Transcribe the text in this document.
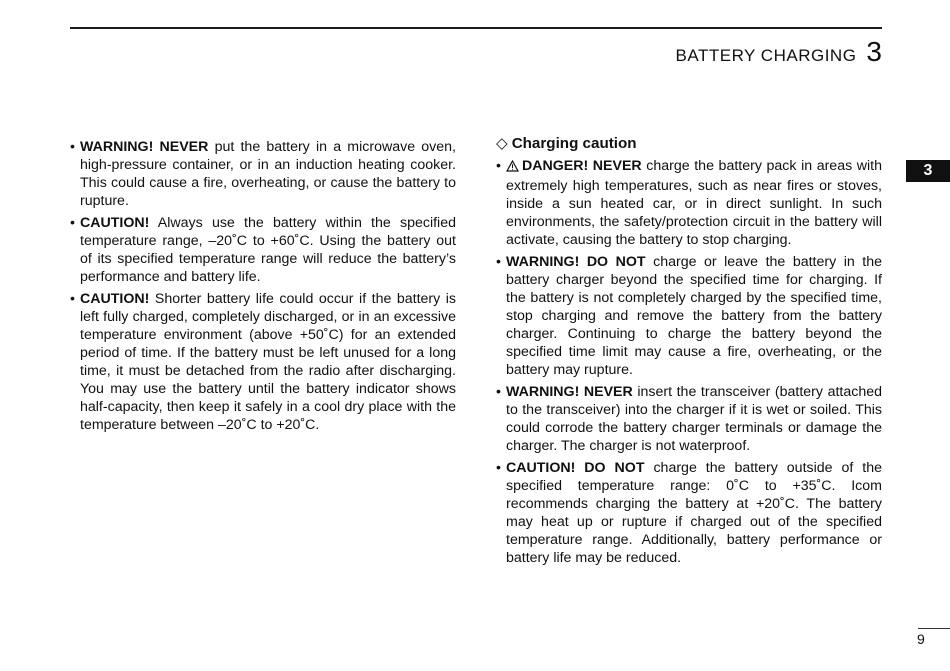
BATTERY CHARGING 3
3

• WARNING! NEVER put the battery in a microwave oven, high-pressure container, or in an induction heating cooker. This could cause a fire, overheating, or cause the battery to rupture.

• CAUTION! Always use the battery within the specified temperature range, –20˚C to +60˚C. Using the battery out of its specified temperature range will reduce the battery’s performance and battery life.

• CAUTION! Shorter battery life could occur if the battery is left fully charged, completely discharged, or in an excessive temperature environment (above +50˚C) for an extended period of time. If the battery must be left unused for a long time, it must be detached from the radio after discharging. You may use the battery until the battery indicator shows half-capacity, then keep it safely in a cool dry place with the temperature between –20˚C to +20˚C.

◇ Charging caution

• DANGER! NEVER charge the battery pack in areas with extremely high temperatures, such as near fires or stoves, inside a sun heated car, or in direct sunlight. In such environments, the safety/protection circuit in the battery will activate, causing the battery to stop charging.

• WARNING! DO NOT charge or leave the battery in the battery charger beyond the specified time for charging. If the battery is not completely charged by the specified time, stop charging and remove the battery from the battery charger. Continuing to charge the battery beyond the specified time limit may cause a fire, overheating, or the battery may rupture.

• WARNING! NEVER insert the transceiver (battery attached to the transceiver) into the charger if it is wet or soiled. This could corrode the battery charger terminals or damage the charger. The charger is not waterproof.

• CAUTION! DO NOT charge the battery outside of the specified temperature range: 0˚C to +35˚C. Icom recommends charging the battery at +20˚C. The battery may heat up or rupture if charged out of the specified temperature range. Additionally, battery performance or battery life may be reduced.

9
